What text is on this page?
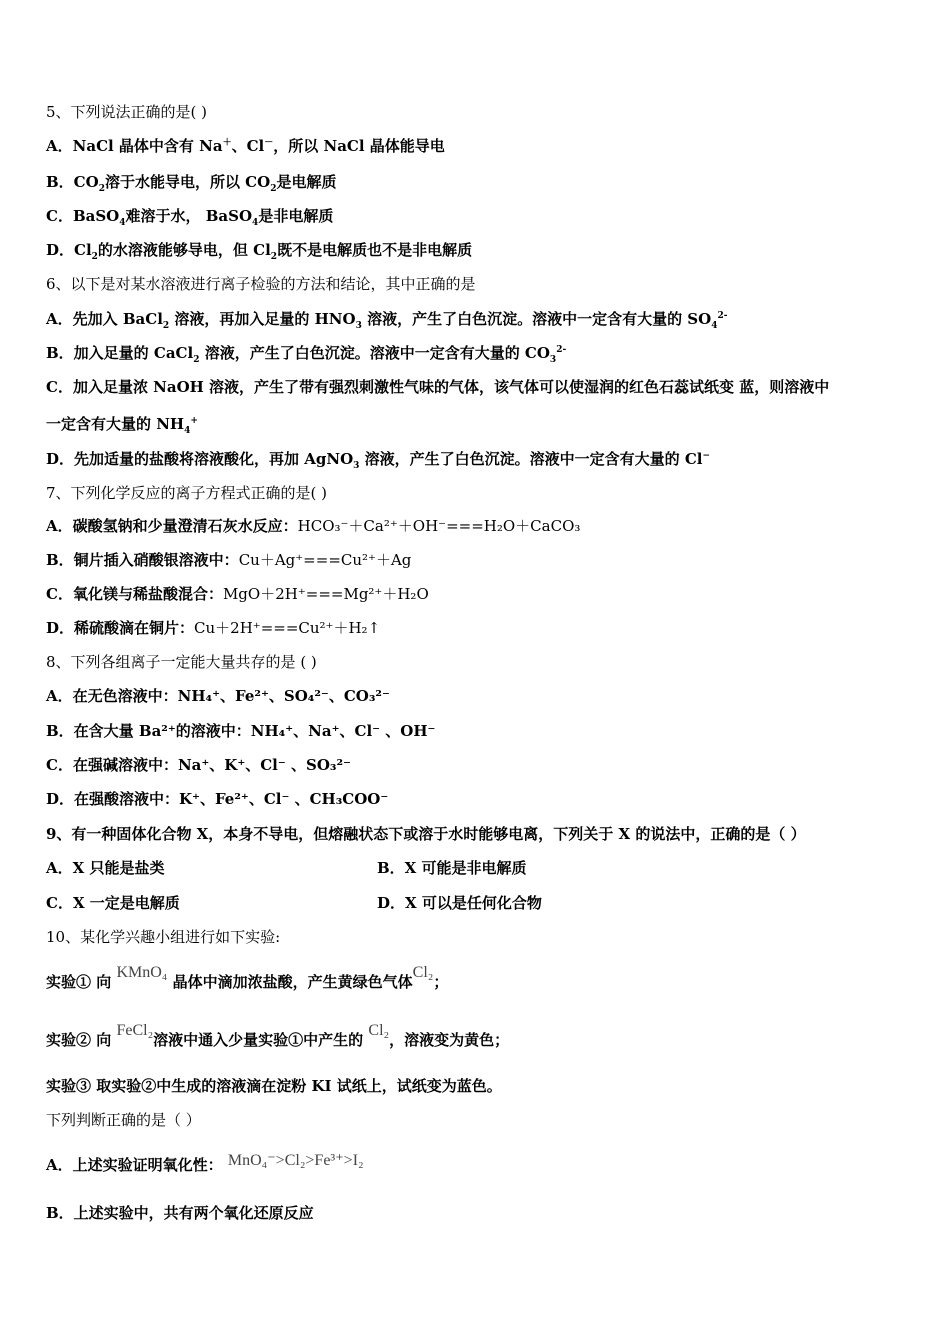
5、下列说法正确的是( )
A．NaCl 晶体中含有 Na＋、Cl－，所以 NaCl 晶体能导电
B．$CO_2$溶于水能导电，所以 $CO_2$是电解质
C．BaSO$_4$难溶于水， BaSO$_4$是非电解质
D．$Cl_2$的水溶液能够导电，但 $Cl_2$既不是电解质也不是非电解质
6、以下是对某水溶液进行离子检验的方法和结论，其中正确的是
A．先加入 BaCl$_2$ 溶液，再加入足量的 $HNO_3$ 溶液，产生了白色沉淀。溶液中一定含有大量的 $SO_4^{2-}$
B．加入足量的 CaCl$_2$ 溶液，产生了白色沉淀。溶液中一定含有大量的 $CO_3^{2-}$
C．加入足量浓 NaOH 溶液，产生了带有强烈刺激性气味的气体，该气体可以使湿润的红色石蕊试纸变 蓝，则溶液中
一定含有大量的 $NH_4^+$
D．先加适量的盐酸将溶液酸化，再加 AgNO$_3$ 溶液，产生了白色沉淀。溶液中一定含有大量的 Cl−
7、下列化学反应的离子方程式正确的是( )
A．碳酸氢钠和少量澄清石灰水反应：HCO₃⁻＋Ca²⁺＋OH⁻===H₂O＋CaCO₃
B．铜片插入硝酸银溶液中：Cu＋Ag⁺===Cu²⁺＋Ag
C．氧化镁与稀盐酸混合：MgO＋2H⁺===Mg²⁺＋H₂O
D．稀硫酸滴在铜片：Cu＋2H⁺===Cu²⁺＋H₂↑
8、下列各组离子一定能大量共存的是 ( )
A．在无色溶液中：NH₄⁺、Fe²⁺、SO₄²⁻、CO₃²⁻
B．在含大量 Ba²⁺的溶液中：NH₄⁺、Na⁺、Cl⁻ 、OH⁻
C．在强碱溶液中：Na⁺、K⁺、Cl⁻ 、SO₃²⁻
D．在强酸溶液中：K⁺、Fe²⁺、Cl⁻ 、CH₃COO⁻
9、有一种固体化合物 X，本身不导电，但熔融状态下或溶于水时能够电离，下列关于 X 的说法中，正确的是（ ）
A．X 只能是盐类	B．X 可能是非电解质
C．X 一定是电解质	D．X 可以是任何化合物
10、某化学兴趣小组进行如下实验:
实验① 向 KMnO₄ 晶体中滴加浓盐酸，产生黄绿色气体Cl₂；
实验② 向 FeCl₂溶液中通入少量实验①中产生的 Cl₂，溶液变为黄色；
实验③ 取实验②中生成的溶液滴在淀粉 KI 试纸上，试纸变为蓝色。
下列判断正确的是（ ）
A．上述实验证明氧化性： MnO₄⁻>Cl₂>Fe³⁺>I₂
B．上述实验中，共有两个氧化还原反应
